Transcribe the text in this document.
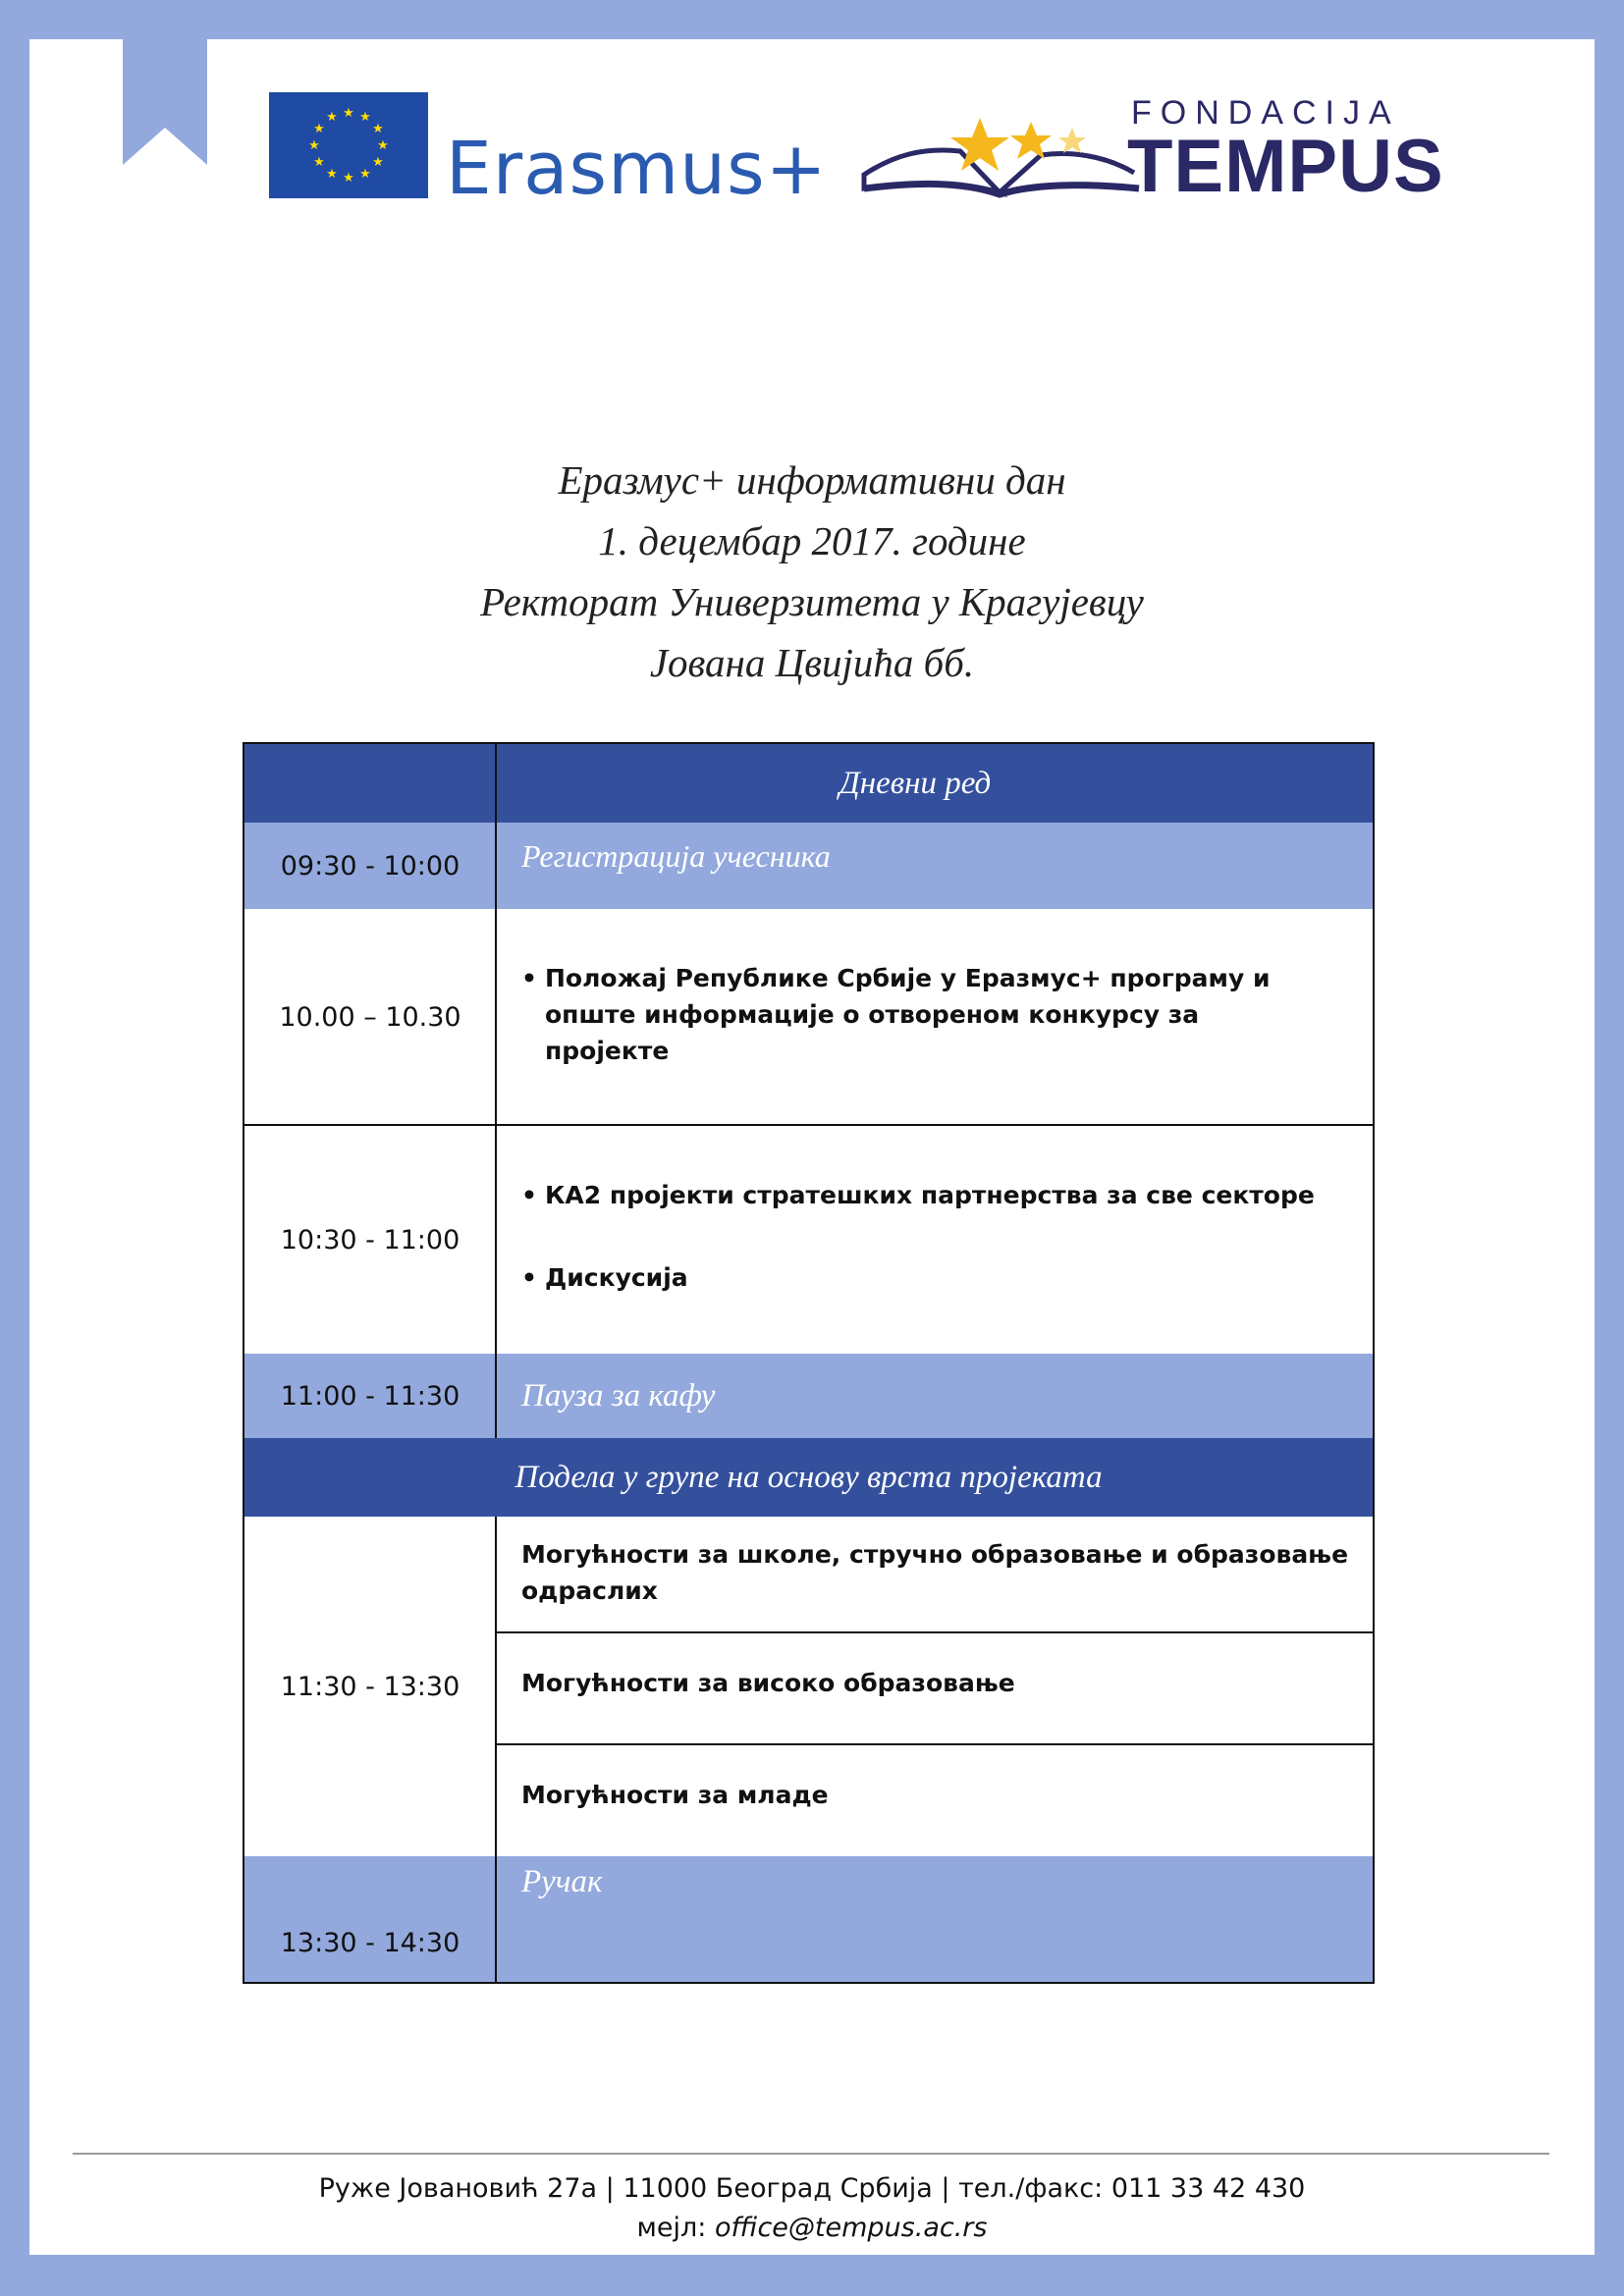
★ ★
★
★
★
★
★
★
★
★
★
★
Erasmus+
FONDACIJA
TEMPUS
Еразмус+ информативни дан
1. децембар 2017. године
Ректорат Универзитета у Крагујевцу
Јована Цвијића бб.
Дневни ред
09:30 - 10:00	Регистрација учесника
10.00 – 10.30
• Положај Републике Србије у Еразмус+ програму и
опште информације о отвореном конкурсу за
пројекте
10:30 - 11:00
• КА2 пројекти стратешких партнерства за све секторе
• Дискусија
11:00 - 11:30	Пауза за кафу
Подела у групе на основу врста пројеката
11:30 - 13:30
Могућности за школе, стручно образовање и образовање
одраслих
Могућности за високо образовање
Могућности за младе
13:30 - 14:30
Ручак
Руже Јовановић 27а | 11000 Београд Србија | тел./факс: 011 33 42 430
мејл: office@tempus.ac.rs
